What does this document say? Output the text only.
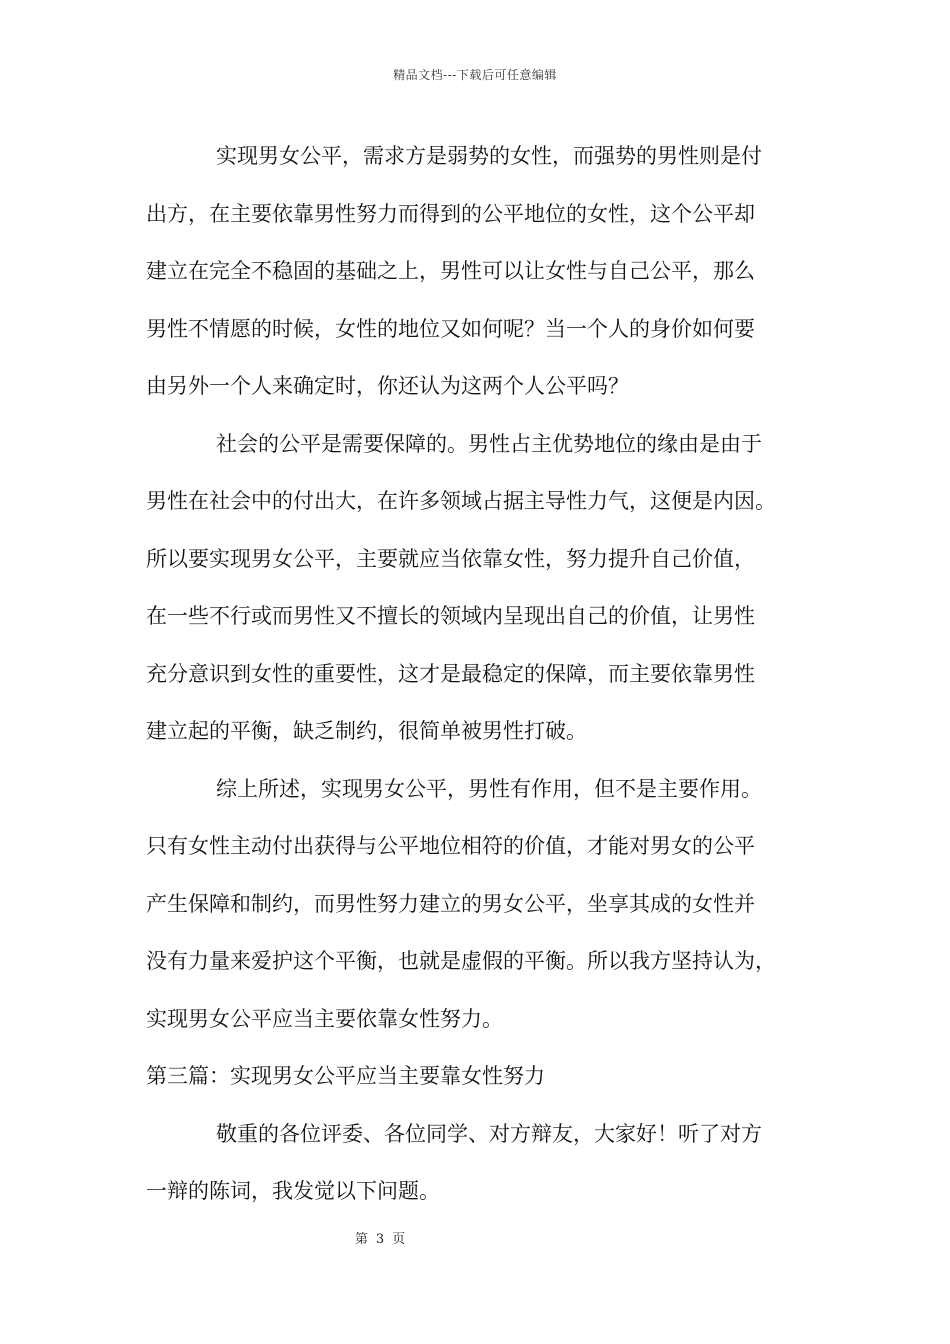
精品文档---下载后可任意编辑
实现男女公平，需求方是弱势的女性，而强势的男性则是付
出方，在主要依靠男性努力而得到的公平地位的女性，这个公平却
建立在完全不稳固的基础之上，男性可以让女性与自己公平，那么
男性不情愿的时候，女性的地位又如何呢？当一个人的身价如何要
由另外一个人来确定时，你还认为这两个人公平吗？
社会的公平是需要保障的。男性占主优势地位的缘由是由于
男性在社会中的付出大，在许多领域占据主导性力气，这便是内因。
所以要实现男女公平，主要就应当依靠女性，努力提升自己价值，
在一些不行或而男性又不擅长的领域内呈现出自己的价值，让男性
充分意识到女性的重要性，这才是最稳定的保障，而主要依靠男性
建立起的平衡，缺乏制约，很简单被男性打破。
综上所述，实现男女公平，男性有作用，但不是主要作用。
只有女性主动付出获得与公平地位相符的价值，才能对男女的公平
产生保障和制约，而男性努力建立的男女公平，坐享其成的女性并
没有力量来爱护这个平衡，也就是虚假的平衡。所以我方坚持认为，
实现男女公平应当主要依靠女性努力。
第三篇：实现男女公平应当主要靠女性努力
敬重的各位评委、各位同学、对方辩友，大家好！听了对方
一辩的陈词，我发觉以下问题。
第 3 页
